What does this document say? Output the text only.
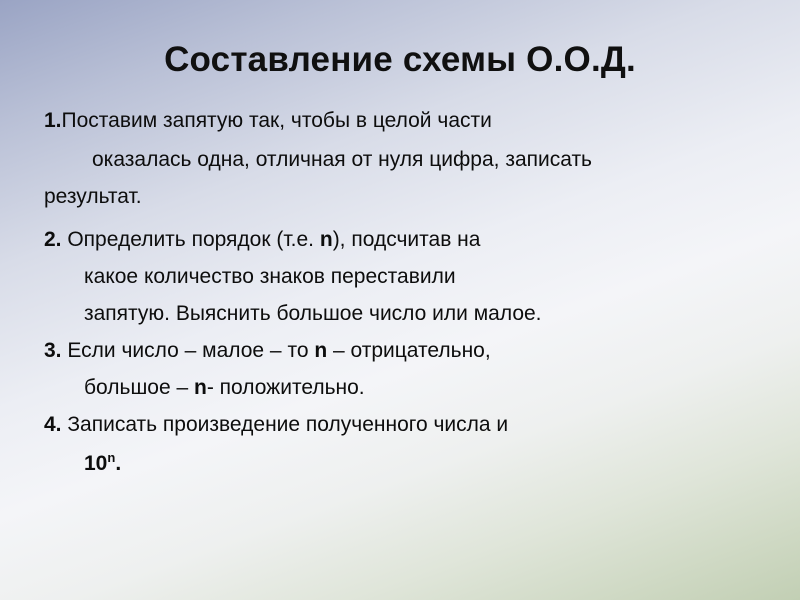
Составление схемы О.О.Д.

1.Поставим запятую так, чтобы в целой части

оказалась одна, отличная от нуля цифра, записать

результат.

2. Определить порядок (т.е. n), подсчитав на

какое количество знаков переставили

запятую. Выяснить большое число или малое.

3. Если число – малое – то n – отрицательно,

большое – n- положительно.

4. Записать произведение полученного числа и

10$^n$.
